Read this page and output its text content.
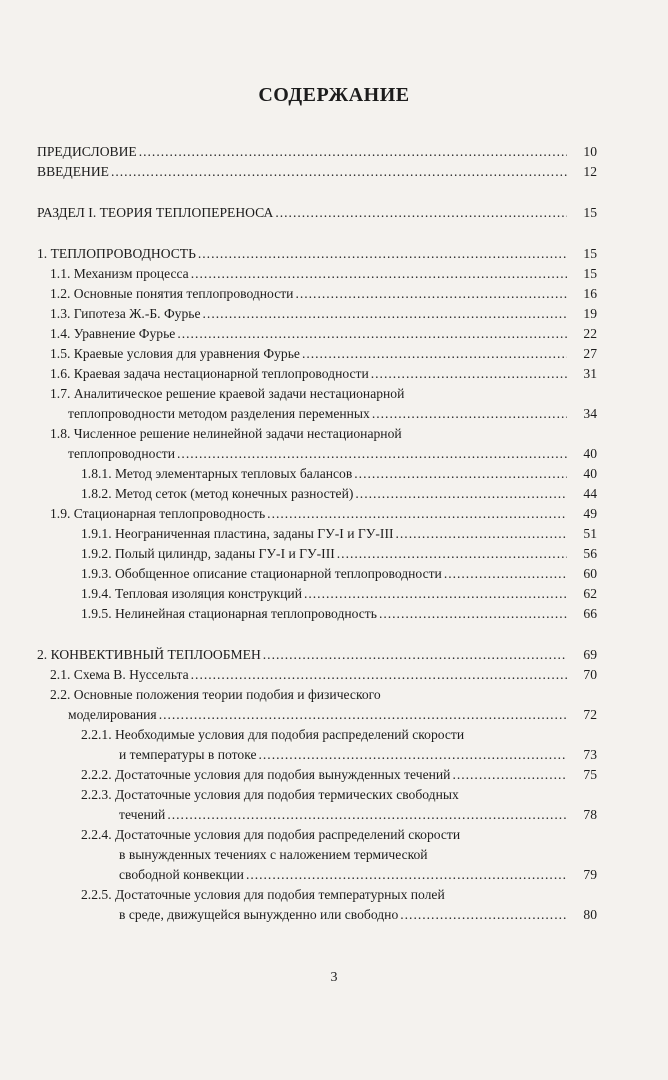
СОДЕРЖАНИЕ
ПРЕДИСЛОВИЕ .....	10
ВВЕДЕНИЕ .....	12
РАЗДЕЛ I. ТЕОРИЯ ТЕПЛОПЕРЕНОСА .....	15
1. ТЕПЛОПРОВОДНОСТЬ .....	15
1.1. Механизм процесса .....	15
1.2. Основные понятия теплопроводности .....	16
1.3. Гипотеза Ж.-Б. Фурье .....	19
1.4. Уравнение Фурье .....	22
1.5. Краевые условия для уравнения Фурье .....	27
1.6. Краевая задача нестационарной теплопроводности .....	31
1.7. Аналитическое решение краевой задачи нестационарной
теплопроводности методом разделения переменных .....	34
1.8. Численное решение нелинейной задачи нестационарной
теплопроводности .....	40
1.8.1. Метод элементарных тепловых балансов .....	40
1.8.2. Метод сеток (метод конечных разностей) .....	44
1.9. Стационарная теплопроводность .....	49
1.9.1. Неограниченная пластина, заданы ГУ-I и ГУ-III .....	51
1.9.2. Полый цилиндр, заданы ГУ-I и ГУ-III .....	56
1.9.3. Обобщенное описание стационарной теплопроводности .....	60
1.9.4. Тепловая изоляция конструкций .....	62
1.9.5. Нелинейная стационарная теплопроводность .....	66
2. КОНВЕКТИВНЫЙ ТЕПЛООБМЕН .....	69
2.1. Схема В. Нуссельта .....	70
2.2. Основные положения теории подобия и физического
моделирования .....	72
2.2.1. Необходимые условия для подобия распределений скорости
и температуры в потоке .....	73
2.2.2. Достаточные условия для подобия вынужденных течений .....	75
2.2.3. Достаточные условия для подобия термических свободных
течений .....	78
2.2.4. Достаточные условия для подобия распределений скорости
в вынужденных течениях с наложением термической
свободной конвекции .....	79
2.2.5. Достаточные условия для подобия температурных полей
в среде, движущейся вынужденно или свободно .....	80
3
